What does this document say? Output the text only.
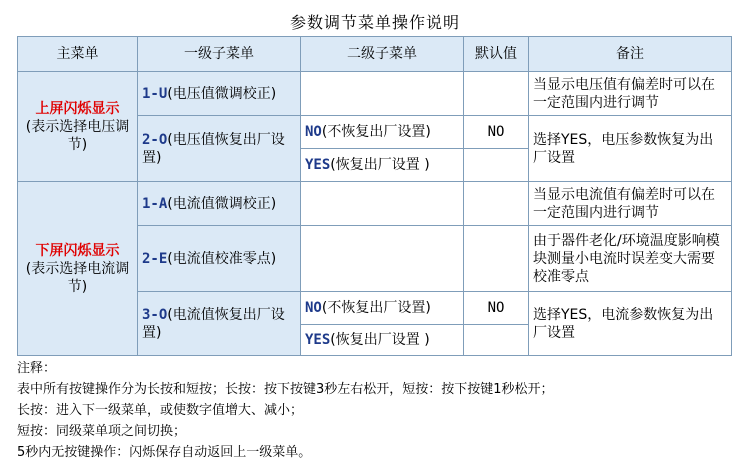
参数调节菜单操作说明
主菜单	一级子菜单	二级子菜单	默认值	备注

上屏闪烁显示
(表示选择电压调节)	1-U(电压值微调校正)			当显示电压值有偏差时可以在一定范围内进行调节
	2-O(电压值恢复出厂设置)	NO(不恢复出厂设置)	NO	选择YES，电压参数恢复为出厂设置
		YES(恢复出厂设置 )		

下屏闪烁显示
(表示选择电流调节)	1-A(电流值微调校正)			当显示电流值有偏差时可以在一定范围内进行调节
	2-E(电流值校准零点)			由于器件老化/环境温度影响模块测量小电流时误差变大需要校准零点
	3-O(电流值恢复出厂设置)	NO(不恢复出厂设置)	NO	选择YES，电流参数恢复为出厂设置
		YES(恢复出厂设置 )		
注释：
表中所有按键操作分为长按和短按；长按：按下按键3秒左右松开，短按：按下按键1秒松开；
长按：进入下一级菜单，或使数字值增大、减小；
短按：同级菜单项之间切换；
5秒内无按键操作：闪烁保存自动返回上一级菜单。
